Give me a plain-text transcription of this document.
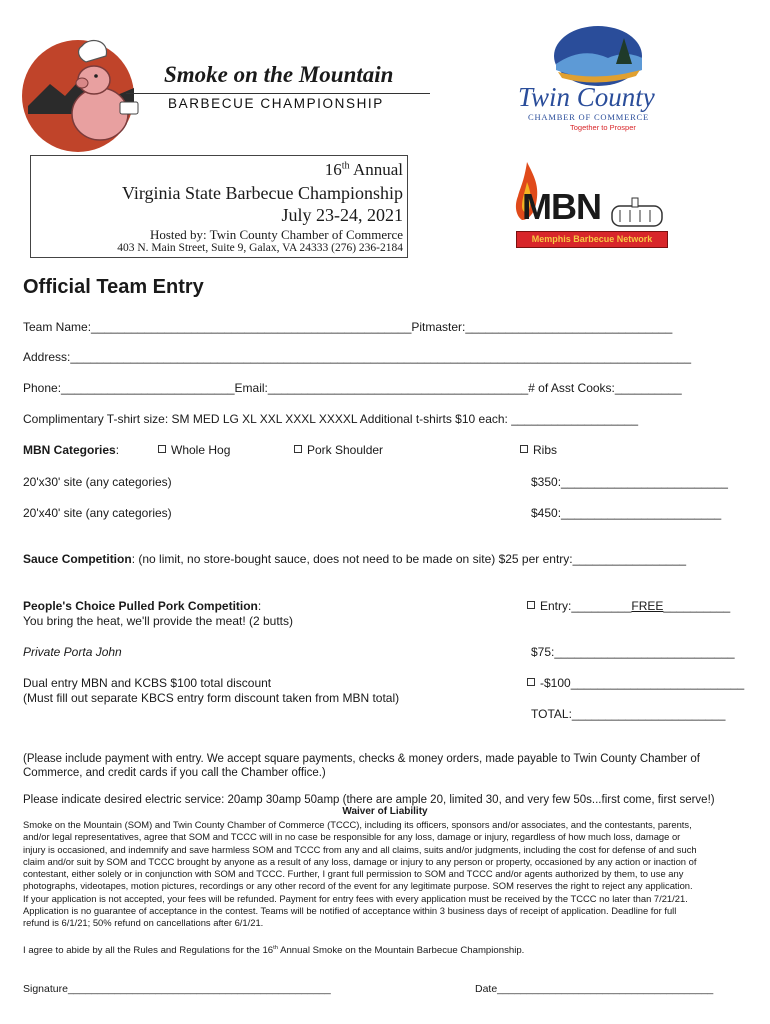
Smoke on the Mountain
BARBECUE CHAMPIONSHIP	Twin County
CHAMBER OF COMMERCE
Together to Prosper
MBN
Memphis Barbecue Network
16th Annual
Virginia State Barbecue Championship
July 23-24, 2021
Hosted by: Twin County Chamber of Commerce
403 N. Main Street, Suite 9, Galax, VA 24333 (276) 236-2184
Official Team Entry
Team Name:________________________________________________Pitmaster:_______________________________
Address:_____________________________________________________________________________________________
Phone:__________________________Email:_______________________________________# of Asst Cooks:__________
Complimentary T-shirt size: SM MED LG XL XXL XXXL XXXXL Additional t-shirts $10 each: ___________________
MBN Categories:	Whole Hog	Pork Shoulder	Ribs
20'x30' site (any categories)	$350:_________________________
20'x40' site (any categories)	$450:________________________
Sauce Competition: (no limit, no store-bought sauce, does not need to be made on site) $25 per entry:_________________
People's Choice Pulled Pork Competition:
You bring the heat, we'll provide the meat! (2 butts)
Entry:_________FREE__________
Private Porta John	$75:___________________________
Dual entry MBN and KCBS $100 total discount
(Must fill out separate KBCS entry form discount taken from MBN total)
-$100__________________________
TOTAL:_______________________
(Please include payment with entry. We accept square payments, checks & money orders, made payable to Twin County Chamber of
Commerce, and credit cards if you call the Chamber office.)
Please indicate desired electric service: 20amp 30amp 50amp (there are ample 20, limited 30, and very few 50s...first come, first serve!)
Waiver of Liability
Smoke on the Mountain (SOM) and Twin County Chamber of Commerce (TCCC), including its officers, sponsors and/or associates, and the contestants, parents,
and/or legal representatives, agree that SOM and TCCC will in no case be responsible for any loss, damage or injury, regardless of how much loss, damage or
injury is occasioned, and indemnify and save harmless SOM and TCCC from any and all claims, suits and/or judgments, including the cost for defense of and such
claim and/or suit by SOM and TCCC brought by anyone as a result of any loss, damage or injury to any person or property, occasioned by any action or inaction of
contestant, either solely or in conjunction with SOM and TCCC. Further, I grant full permission to SOM and TCCC and/or agents authorized by them, to use any
photographs, videotapes, motion pictures, recordings or any other record of the event for any legitimate purpose. SOM reserves the right to reject any application.
If your application is not accepted, your fees will be refunded. Payment for entry fees with every application must be received by the TCCC no later than 7/21/21.
Application is no guarantee of acceptance in the contest. Teams will be notified of acceptance within 3 business days of receipt of application. Deadline for full
refund is 6/1/21; 50% refund on cancellations after 6/1/21.
I agree to abide by all the Rules and Regulations for the 16th Annual Smoke on the Mountain Barbecue Championship.
Signature_____________________________________________	Date_____________________________________
